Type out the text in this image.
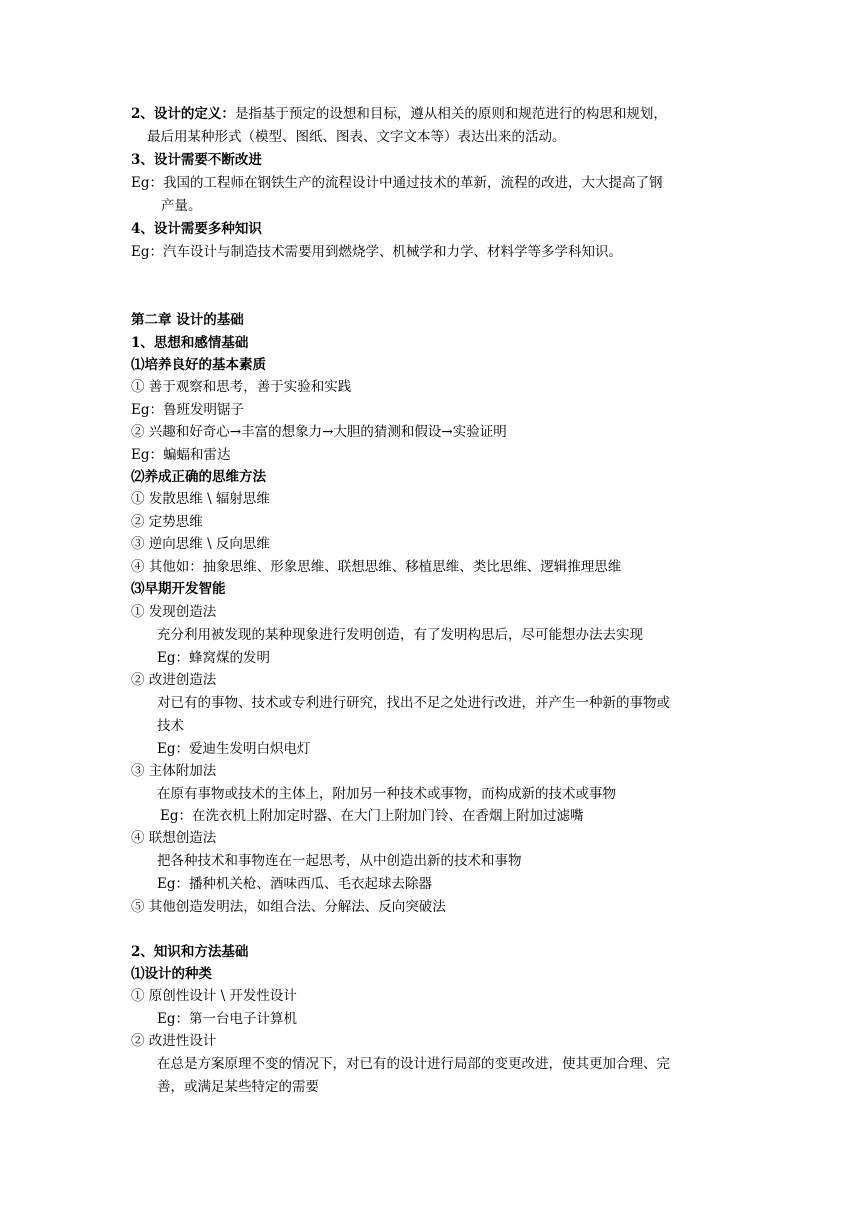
2、设计的定义：是指基于预定的设想和目标，遵从相关的原则和规范进行的构思和规划，
最后用某种形式（模型、图纸、图表、文字文本等）表达出来的活动。
3、设计需要不断改进
Eg：我国的工程师在钢铁生产的流程设计中通过技术的革新，流程的改进，大大提高了钢
产量。
4、设计需要多种知识
Eg：汽车设计与制造技术需要用到燃烧学、机械学和力学、材料学等多学科知识。
第二章 设计的基础
1、思想和感情基础
⑴培养良好的基本素质
① 善于观察和思考，善于实验和实践
Eg：鲁班发明锯子
② 兴趣和好奇心→丰富的想象力→大胆的猜测和假设→实验证明
Eg：蝙蝠和雷达
⑵养成正确的思维方法
① 发散思维 \ 辐射思维
② 定势思维
③ 逆向思维 \ 反向思维
④ 其他如：抽象思维、形象思维、联想思维、移植思维、类比思维、逻辑推理思维
⑶早期开发智能
① 发现创造法
充分利用被发现的某种现象进行发明创造，有了发明构思后，尽可能想办法去实现
Eg：蜂窝煤的发明
② 改进创造法
对已有的事物、技术或专利进行研究，找出不足之处进行改进，并产生一种新的事物或
技术
Eg：爱迪生发明白炽电灯
③ 主体附加法
在原有事物或技术的主体上，附加另一种技术或事物，而构成新的技术或事物
Eg：在洗衣机上附加定时器、在大门上附加门铃、在香烟上附加过滤嘴
④ 联想创造法
把各种技术和事物连在一起思考，从中创造出新的技术和事物
Eg：播种机关枪、酒味西瓜、毛衣起球去除器
⑤ 其他创造发明法，如组合法、分解法、反向突破法
2、知识和方法基础
⑴设计的种类
① 原创性设计 \ 开发性设计
Eg：第一台电子计算机
② 改进性设计
在总是方案原理不变的情况下，对已有的设计进行局部的变更改进，使其更加合理、完
善，或满足某些特定的需要
